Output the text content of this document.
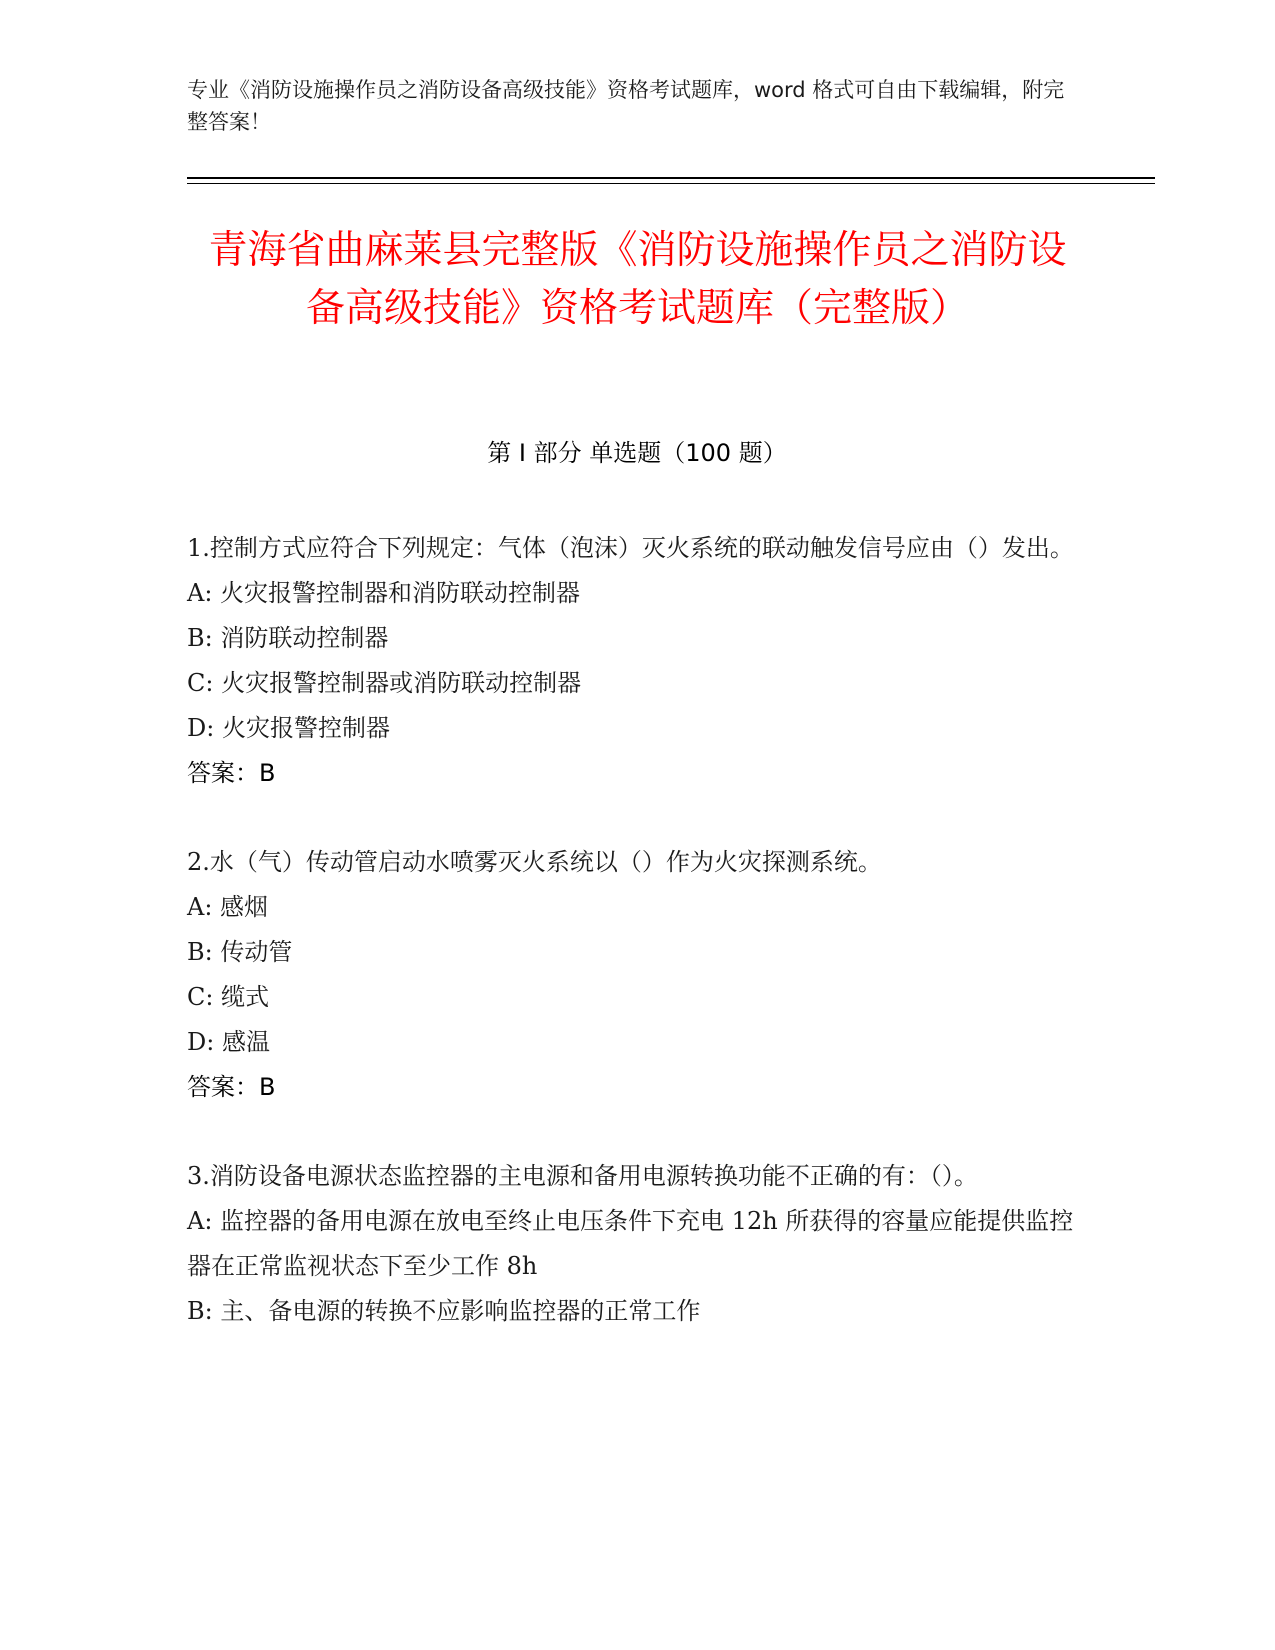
专业《消防设施操作员之消防设备高级技能》资格考试题库，word 格式可自由下载编辑，附完整答案！
青海省曲麻莱县完整版《消防设施操作员之消防设备高级技能》资格考试题库（完整版）
第 I 部分 单选题（100 题）
1.控制方式应符合下列规定：气体（泡沫）灭火系统的联动触发信号应由（）发出。
A: 火灾报警控制器和消防联动控制器
B: 消防联动控制器
C: 火灾报警控制器或消防联动控制器
D: 火灾报警控制器
答案：B
2.水（气）传动管启动水喷雾灭火系统以（）作为火灾探测系统。
A: 感烟
B: 传动管
C: 缆式
D: 感温
答案：B
3.消防设备电源状态监控器的主电源和备用电源转换功能不正确的有：（）。
A: 监控器的备用电源在放电至终止电压条件下充电 12h 所获得的容量应能提供监控器在正常监视状态下至少工作 8h
B: 主、备电源的转换不应影响监控器的正常工作
